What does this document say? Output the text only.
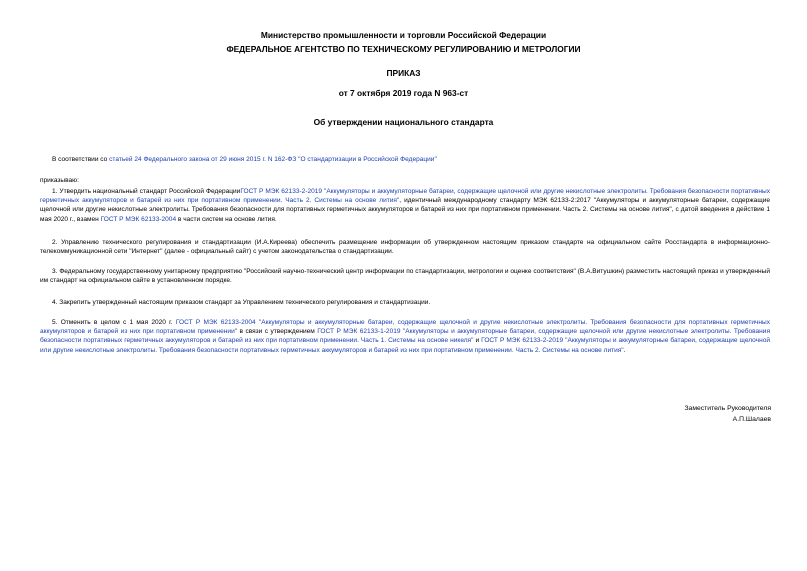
Министерство промышленности и торговли Российской Федерации
ФЕДЕРАЛЬНОЕ АГЕНТСТВО ПО ТЕХНИЧЕСКОМУ РЕГУЛИРОВАНИЮ И МЕТРОЛОГИИ
ПРИКАЗ
от 7 октября 2019 года N 963-ст
Об утверждении национального стандарта
В соответствии со статьей 24 Федерального закона от 29 июня 2015 г. N 162-ФЗ "О стандартизации в Российской Федерации"
приказываю:
1. Утвердить национальный стандарт Российской ФедерацииГОСТ Р МЭК 62133-2-2019 "Аккумуляторы и аккумуляторные батареи, содержащие щелочной или другие некислотные электролиты. Требования безопасности портативных герметичных аккумуляторов и батарей из них при портативном применении. Часть 2. Системы на основе лития", идентичный международному стандарту МЭК 62133-2:2017 "Аккумуляторы и аккумуляторные батареи, содержащие щелочной или другие некислотные электролиты. Требования безопасности для портативных герметичных аккумуляторов и батарей из них при портативном применении. Часть 2. Системы на основе лития", с датой введения в действие 1 мая 2020 г., взамен ГОСТ Р МЭК 62133-2004 в части систем на основе лития.
2. Управлению технического регулирования и стандартизации (И.А.Киреева) обеспечить размещение информации об утвержденном настоящим приказом стандарте на официальном сайте Росстандарта в информационно-телекоммуникационной сети "Интернет" (далее - официальный сайт) с учетом законодательства о стандартизации.
3. Федеральному государственному унитарному предприятию "Российский научно-технический центр информации по стандартизации, метрологии и оценке соответствия" (В.А.Витушкин) разместить настоящий приказ и утвержденный им стандарт на официальном сайте в установленном порядке.
4. Закрепить утвержденный настоящим приказом стандарт за Управлением технического регулирования и стандартизации.
5. Отменить в целом с 1 мая 2020 г. ГОСТ Р МЭК 62133-2004 "Аккумуляторы и аккумуляторные батареи, содержащие щелочной и другие некислотные электролиты. Требования безопасности для портативных герметичных аккумуляторов и батарей из них при портативном применении" в связи с утверждением ГОСТ Р МЭК 62133-1-2019 "Аккумуляторы и аккумуляторные батареи, содержащие щелочной или другие некислотные электролиты. Требования безопасности портативных герметичных аккумуляторов и батарей из них при портативном применении. Часть 1. Системы на основе никеля" и ГОСТ Р МЭК 62133-2-2019 "Аккумуляторы и аккумуляторные батареи, содержащие щелочной или другие некислотные электролиты. Требования безопасности портативных герметичных аккумуляторов и батарей из них при портативном применении. Часть 2. Системы на основе лития".
Заместитель Руководителя
А.П.Шалаев
